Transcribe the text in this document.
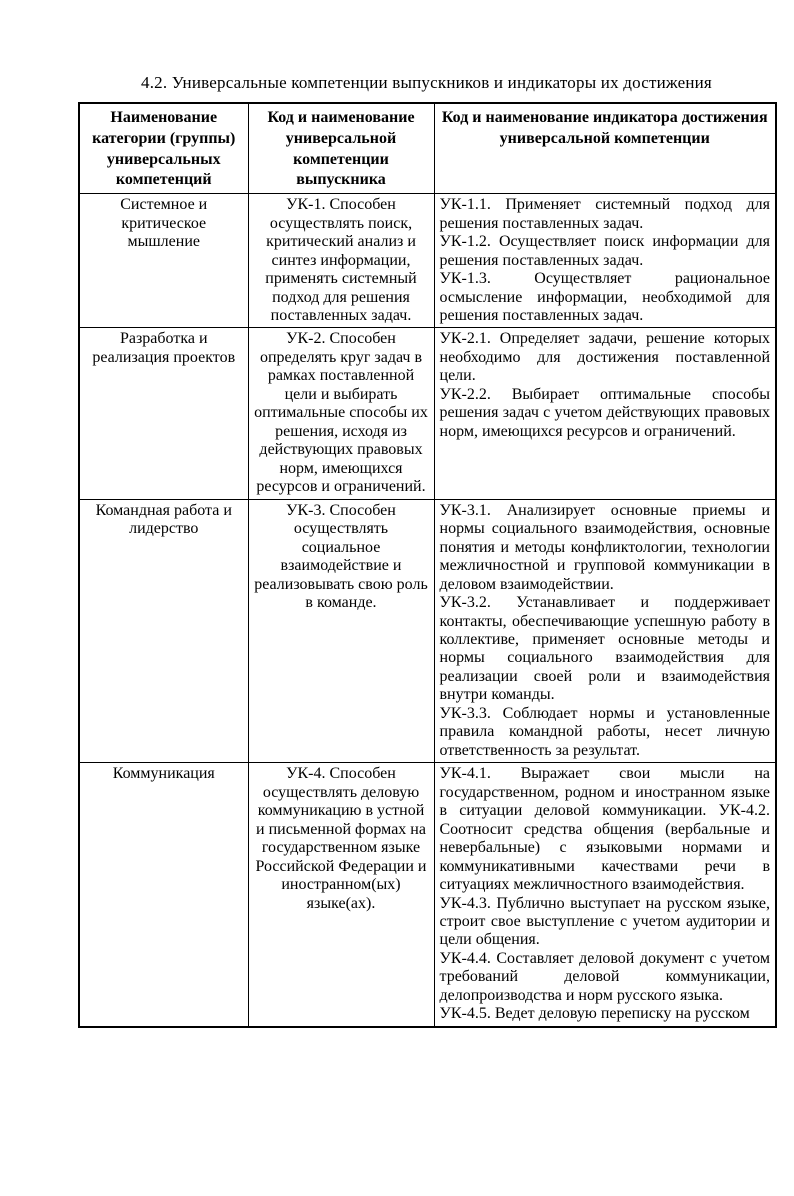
4.2. Универсальные компетенции выпускников и индикаторы их достижения
Наименование категории (группы) универсальных компетенций	Код и наименование универсальной компетенции выпускника	Код и наименование индикатора достижения универсальной компетенции
Системное и критическое мышление	УК-1. Способен осуществлять поиск, критический анализ и синтез информации, применять системный подход для решения поставленных задач.	УК-1.1. Применяет системный подход для решения поставленных задач.

УК-1.2. Осуществляет поиск информации для решения поставленных задач.

УК-1.3. Осуществляет рациональное осмысление информации, необходимой для решения поставленных задач.

Разработка и реализация проектов	УК-2. Способен определять круг задач в рамках поставленной цели и выбирать оптимальные способы их решения, исходя из действующих правовых норм, имеющихся ресурсов и ограничений.	УК-2.1. Определяет задачи, решение которых необходимо для достижения поставленной цели.

УК-2.2. Выбирает оптимальные способы решения задач с учетом действующих правовых норм, имеющихся ресурсов и ограничений.

Командная работа и лидерство	УК-3. Способен осуществлять социальное взаимодействие и реализовывать свою роль в команде.	УК-3.1. Анализирует основные приемы и нормы социального взаимодействия, основные понятия и методы конфликтологии, технологии межличностной и групповой коммуникации в деловом взаимодействии.

УК-3.2. Устанавливает и поддерживает контакты, обеспечивающие успешную работу в коллективе, применяет основные методы и нормы социального взаимодействия для реализации своей роли и взаимодействия внутри команды.

УК-3.3. Соблюдает нормы и установленные правила командной работы, несет личную ответственность за результат.

Коммуникация	УК-4. Способен осуществлять деловую коммуникацию в устной и письменной формах на государственном языке Российской Федерации и иностранном(ых) языке(ах).	УК-4.1. Выражает свои мысли на государственном, родном и иностранном языке в ситуации деловой коммуникации. УК-4.2. Соотносит средства общения (вербальные и невербальные) с языковыми нормами и коммуникативными качествами речи в ситуациях межличностного взаимодействия.

УК-4.3. Публично выступает на русском языке, строит свое выступление с учетом аудитории и цели общения.

УК-4.4. Составляет деловой документ с учетом требований деловой коммуникации, делопроизводства и норм русского языка.

УК-4.5. Ведет деловую переписку на русском
